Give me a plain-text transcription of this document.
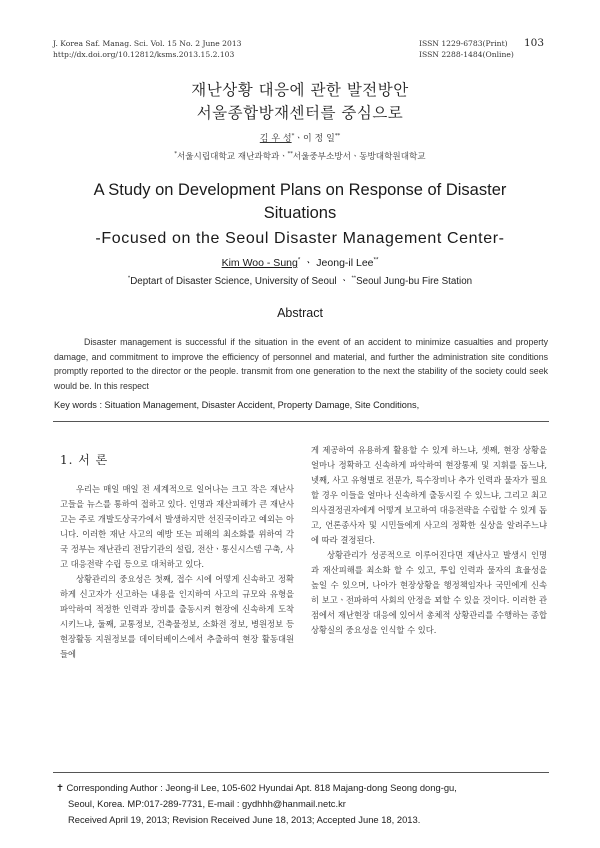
J. Korea Saf. Manag. Sci. Vol. 15 No. 2 June 2013
http://dx.doi.org/10.12812/ksms.2013.15.2.103
ISSN 1229-6783(Print)
ISSN 2288-1484(Online)
103
재난상황 대응에 관한 발전방안
서울종합방재센터를 중심으로
김 우 성*ㆍ이 정 일**
*서울시립대학교 재난과학과ㆍ**서울중부소방서ㆍ동방대학원대학교
A Study on Development Plans on Response of Disaster
Situations
-Focused on the Seoul Disaster Management Center-
Kim Woo - Sung* ㆍ Jeong-il Lee**
*Deptart of Disaster Science, University of Seoul ㆍ **Seoul Jung-bu Fire Station
Abstract
Disaster management is successful if the situation in the event of an accident to minimize casualties and property damage, and commitment to improve the efficiency of personnel and material, and further the administration site conditions promptly reported to the director or the people. transmit from one generation to the next the stability of the society could seek would be. In this respect
Key words : Situation Management, Disaster Accident, Property Damage, Site Conditions,
1. 서 론

우리는 매일 매일 전 세계적으로 일어나는 크고 작은 재난사고들을 뉴스를 통하여 접하고 있다. 인명과 재산피해가 큰 재난사고는 주로 개발도상국가에서 발생하지만 선진국이라고 예외는 아니다. 이러한 재난 사고의 예방 또는 피해의 최소화를 위하여 각국 정부는 재난관리 전담기관의 설립, 전산ㆍ통신시스템 구축, 사고 대응전략 수립 등으로 대처하고 있다.

상황관리의 중요성은 첫째, 접수 시에 어떻게 신속하고 정확하게 신고자가 신고하는 내용을 인지하여 사고의 규모와 유형을 파악하여 적정한 인력과 장비를 출동시켜 현장에 신속하게 도착시키느냐, 둘째, 교통정보, 건축물정보, 소화전 정보, 병원정보 등 현장활동 지원정보를 데이터베이스에서 추출하여 현장 활동대원들에

게 제공하여 유용하게 활용할 수 있게 하느냐, 셋째, 현장 상황을 얼마나 정확하고 신속하게 파악하여 현장통제 및 지휘를 돕느냐, 넷째, 사고 유형별로 전문가, 특수장비나 추가 인력과 물자가 필요할 경우 이들을 얼마나 신속하게 출동시킬 수 있느냐, 그리고 최고 의사결정권자에게 어떻게 보고하여 대응전략을 수립할 수 있게 돕고, 언론종사자 및 시민들에게 사고의 정확한 실상을 알려주느냐에 따라 결정된다.

상황관리가 성공적으로 이루어진다면 재난사고 발생시 인명과 재산피해를 최소화 할 수 있고, 투입 인력과 물자의 효율성을 높일 수 있으며, 나아가 현장상황을 행정책임자나 국민에게 신속히 보고ㆍ전파하여 사회의 안정을 꾀할 수 있을 것이다. 이러한 관점에서 재난현장 대응에 있어서 총체적 상황관리를 수행하는 종합상황실의 중요성을 인식할 수 있다.

✝ Corresponding Author : Jeong-il Lee, 105-602 Hyundai Apt. 818 Majang-dong Seong dong-gu,
Seoul, Korea. MP:017-289-7731, E-mail : gydhhh@hanmail.netc.kr
Received April 19, 2013; Revision Received June 18, 2013; Accepted June 18, 2013.
